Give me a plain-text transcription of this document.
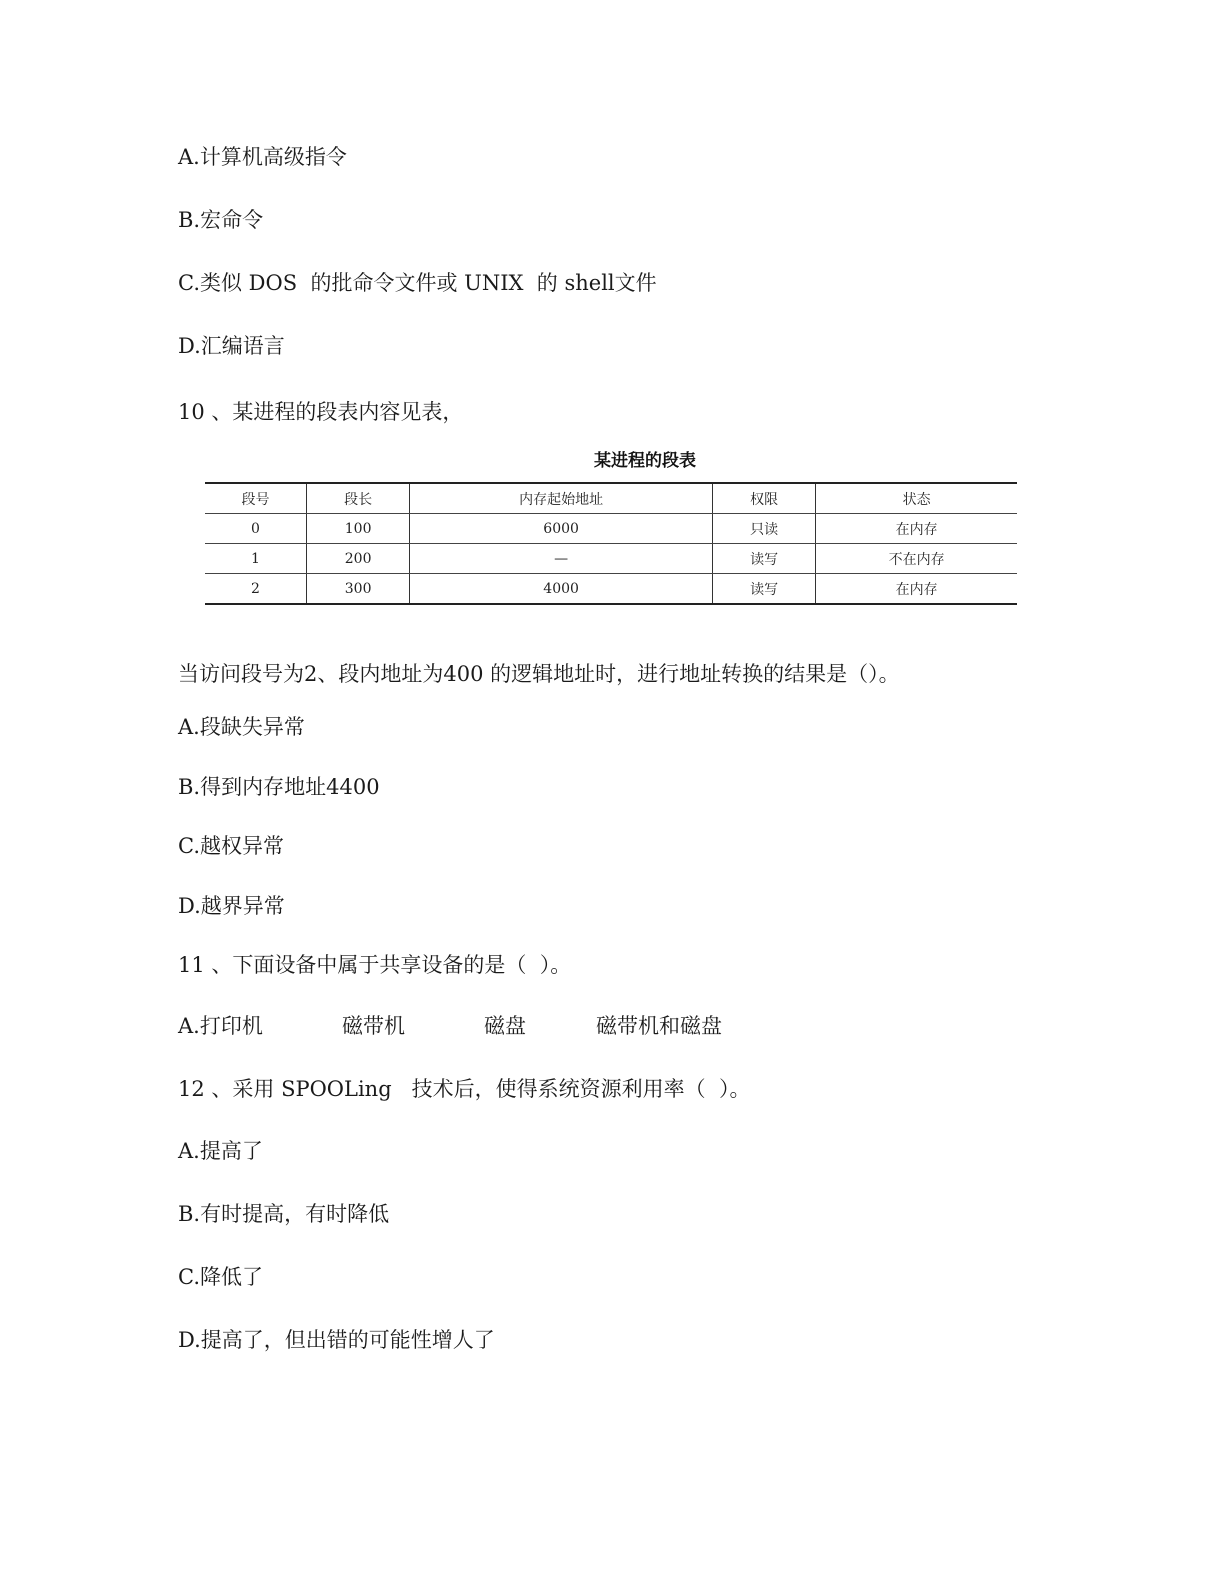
A.计算机高级指令
B.宏命令
C.类似 DOS  的批命令文件或 UNIX  的 shell文件
D.汇编语言
10 、某进程的段表内容见表，
某进程的段表
段号	段长	内存起始地址	权限	状态
0	100	6000	只读	在内存
1	200	—	读写	不在内存
2	300	4000	读写	在内存
当访问段号为2、段内地址为400 的逻辑地址时，进行地址转换的结果是（）。
A.段缺失异常
B.得到内存地址4400
C.越权异常
D.越界异常
11 、下面设备中属于共享设备的是（  ）。
A.打印机	磁带机	磁盘	磁带机和磁盘
12 、采用 SPOOLing   技术后，使得系统资源利用率（  ）。
A.提高了
B.有时提高，有时降低
C.降低了
D.提高了，但出错的可能性增人了
